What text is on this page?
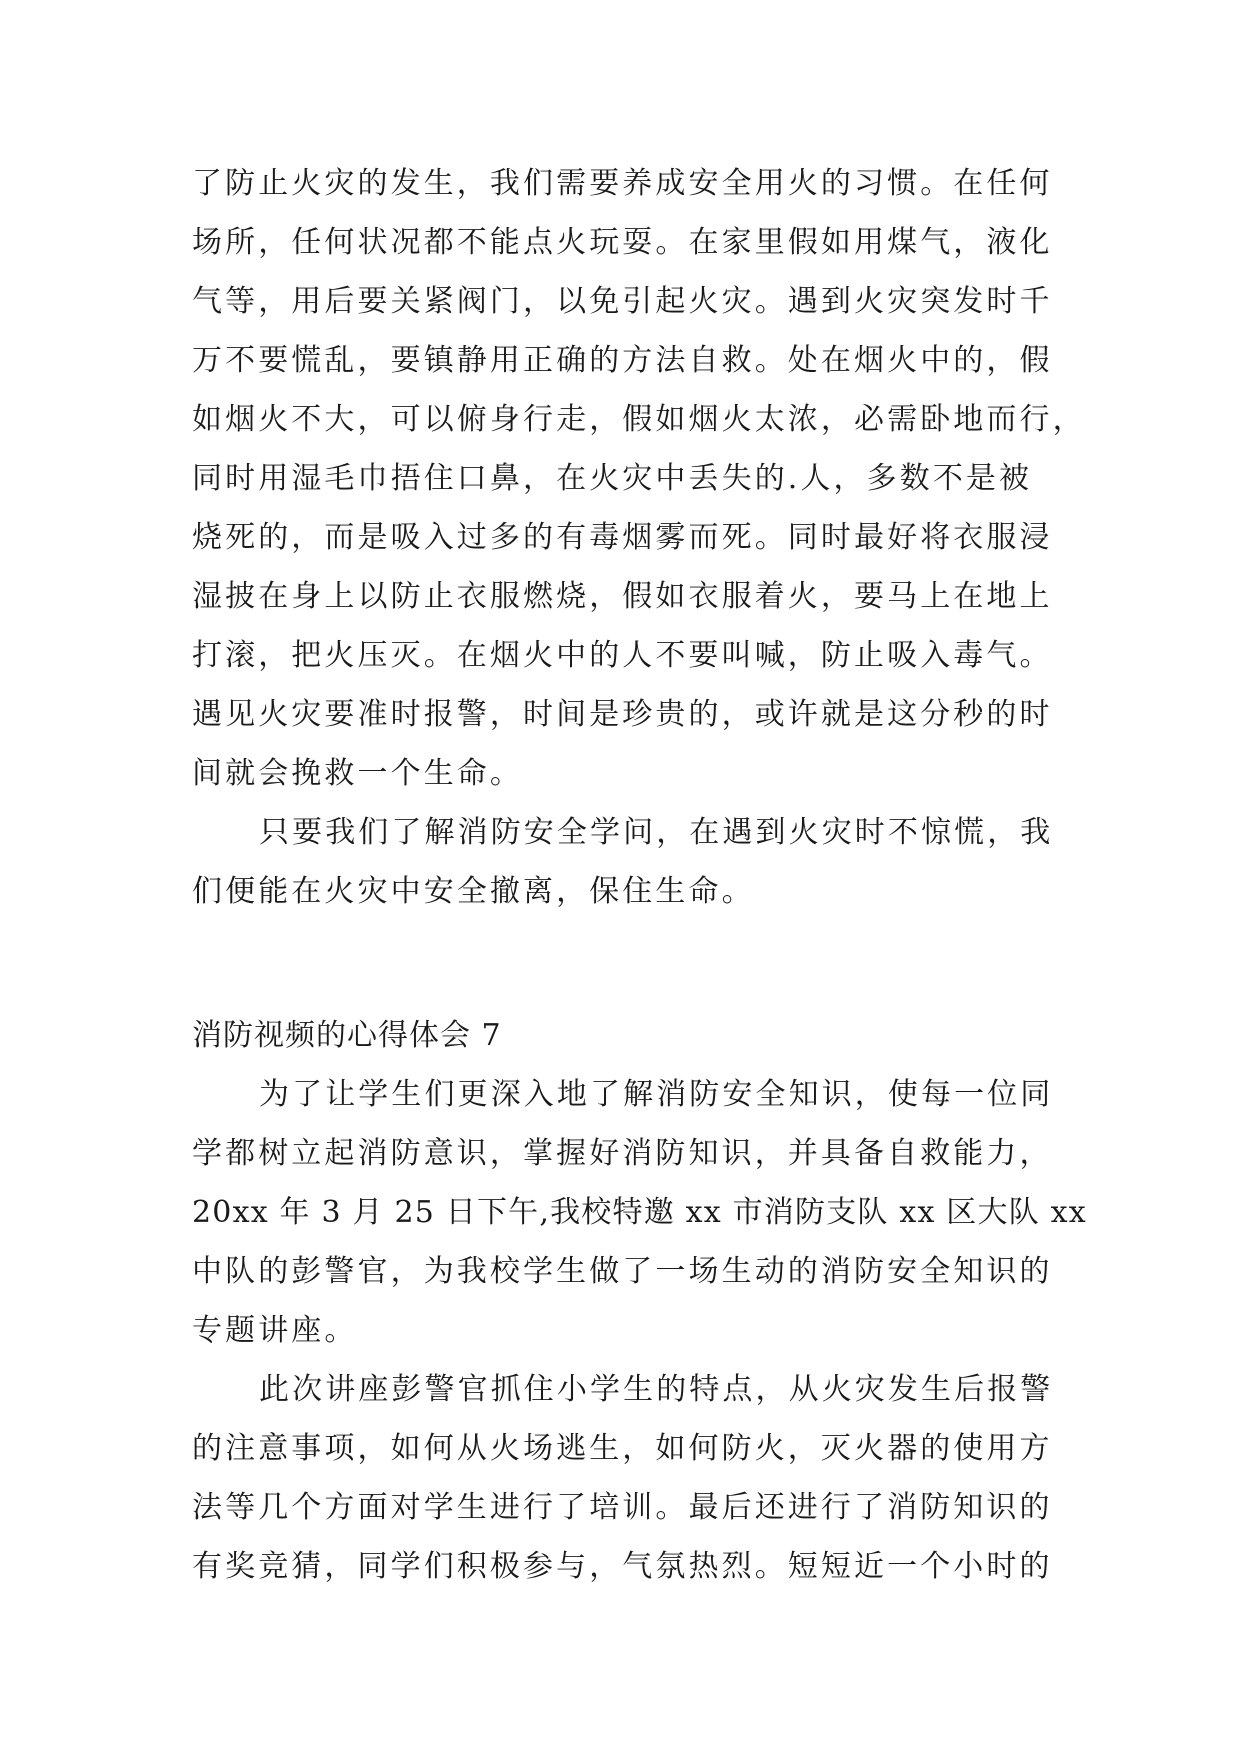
了防止火灾的发生，我们需要养成安全用火的习惯。在任何
场所，任何状况都不能点火玩耍。在家里假如用煤气，液化
气等，用后要关紧阀门，以免引起火灾。遇到火灾突发时千
万不要慌乱，要镇静用正确的方法自救。处在烟火中的，假
如烟火不大，可以俯身行走，假如烟火太浓，必需卧地而行，
同时用湿毛巾捂住口鼻，在火灾中丢失的.人，多数不是被
烧死的，而是吸入过多的有毒烟雾而死。同时最好将衣服浸
湿披在身上以防止衣服燃烧，假如衣服着火，要马上在地上
打滚，把火压灭。在烟火中的人不要叫喊，防止吸入毒气。
遇见火灾要准时报警，时间是珍贵的，或许就是这分秒的时
间就会挽救一个生命。
只要我们了解消防安全学问，在遇到火灾时不惊慌，我
们便能在火灾中安全撤离，保住生命。
消防视频的心得体会 7
为了让学生们更深入地了解消防安全知识，使每一位同
学都树立起消防意识，掌握好消防知识，并具备自救能力，
20xx 年 3 月 25 日下午,我校特邀 xx 市消防支队 xx 区大队 xx
中队的彭警官，为我校学生做了一场生动的消防安全知识的
专题讲座。
此次讲座彭警官抓住小学生的特点，从火灾发生后报警
的注意事项，如何从火场逃生，如何防火，灭火器的使用方
法等几个方面对学生进行了培训。最后还进行了消防知识的
有奖竞猜，同学们积极参与，气氛热烈。短短近一个小时的
